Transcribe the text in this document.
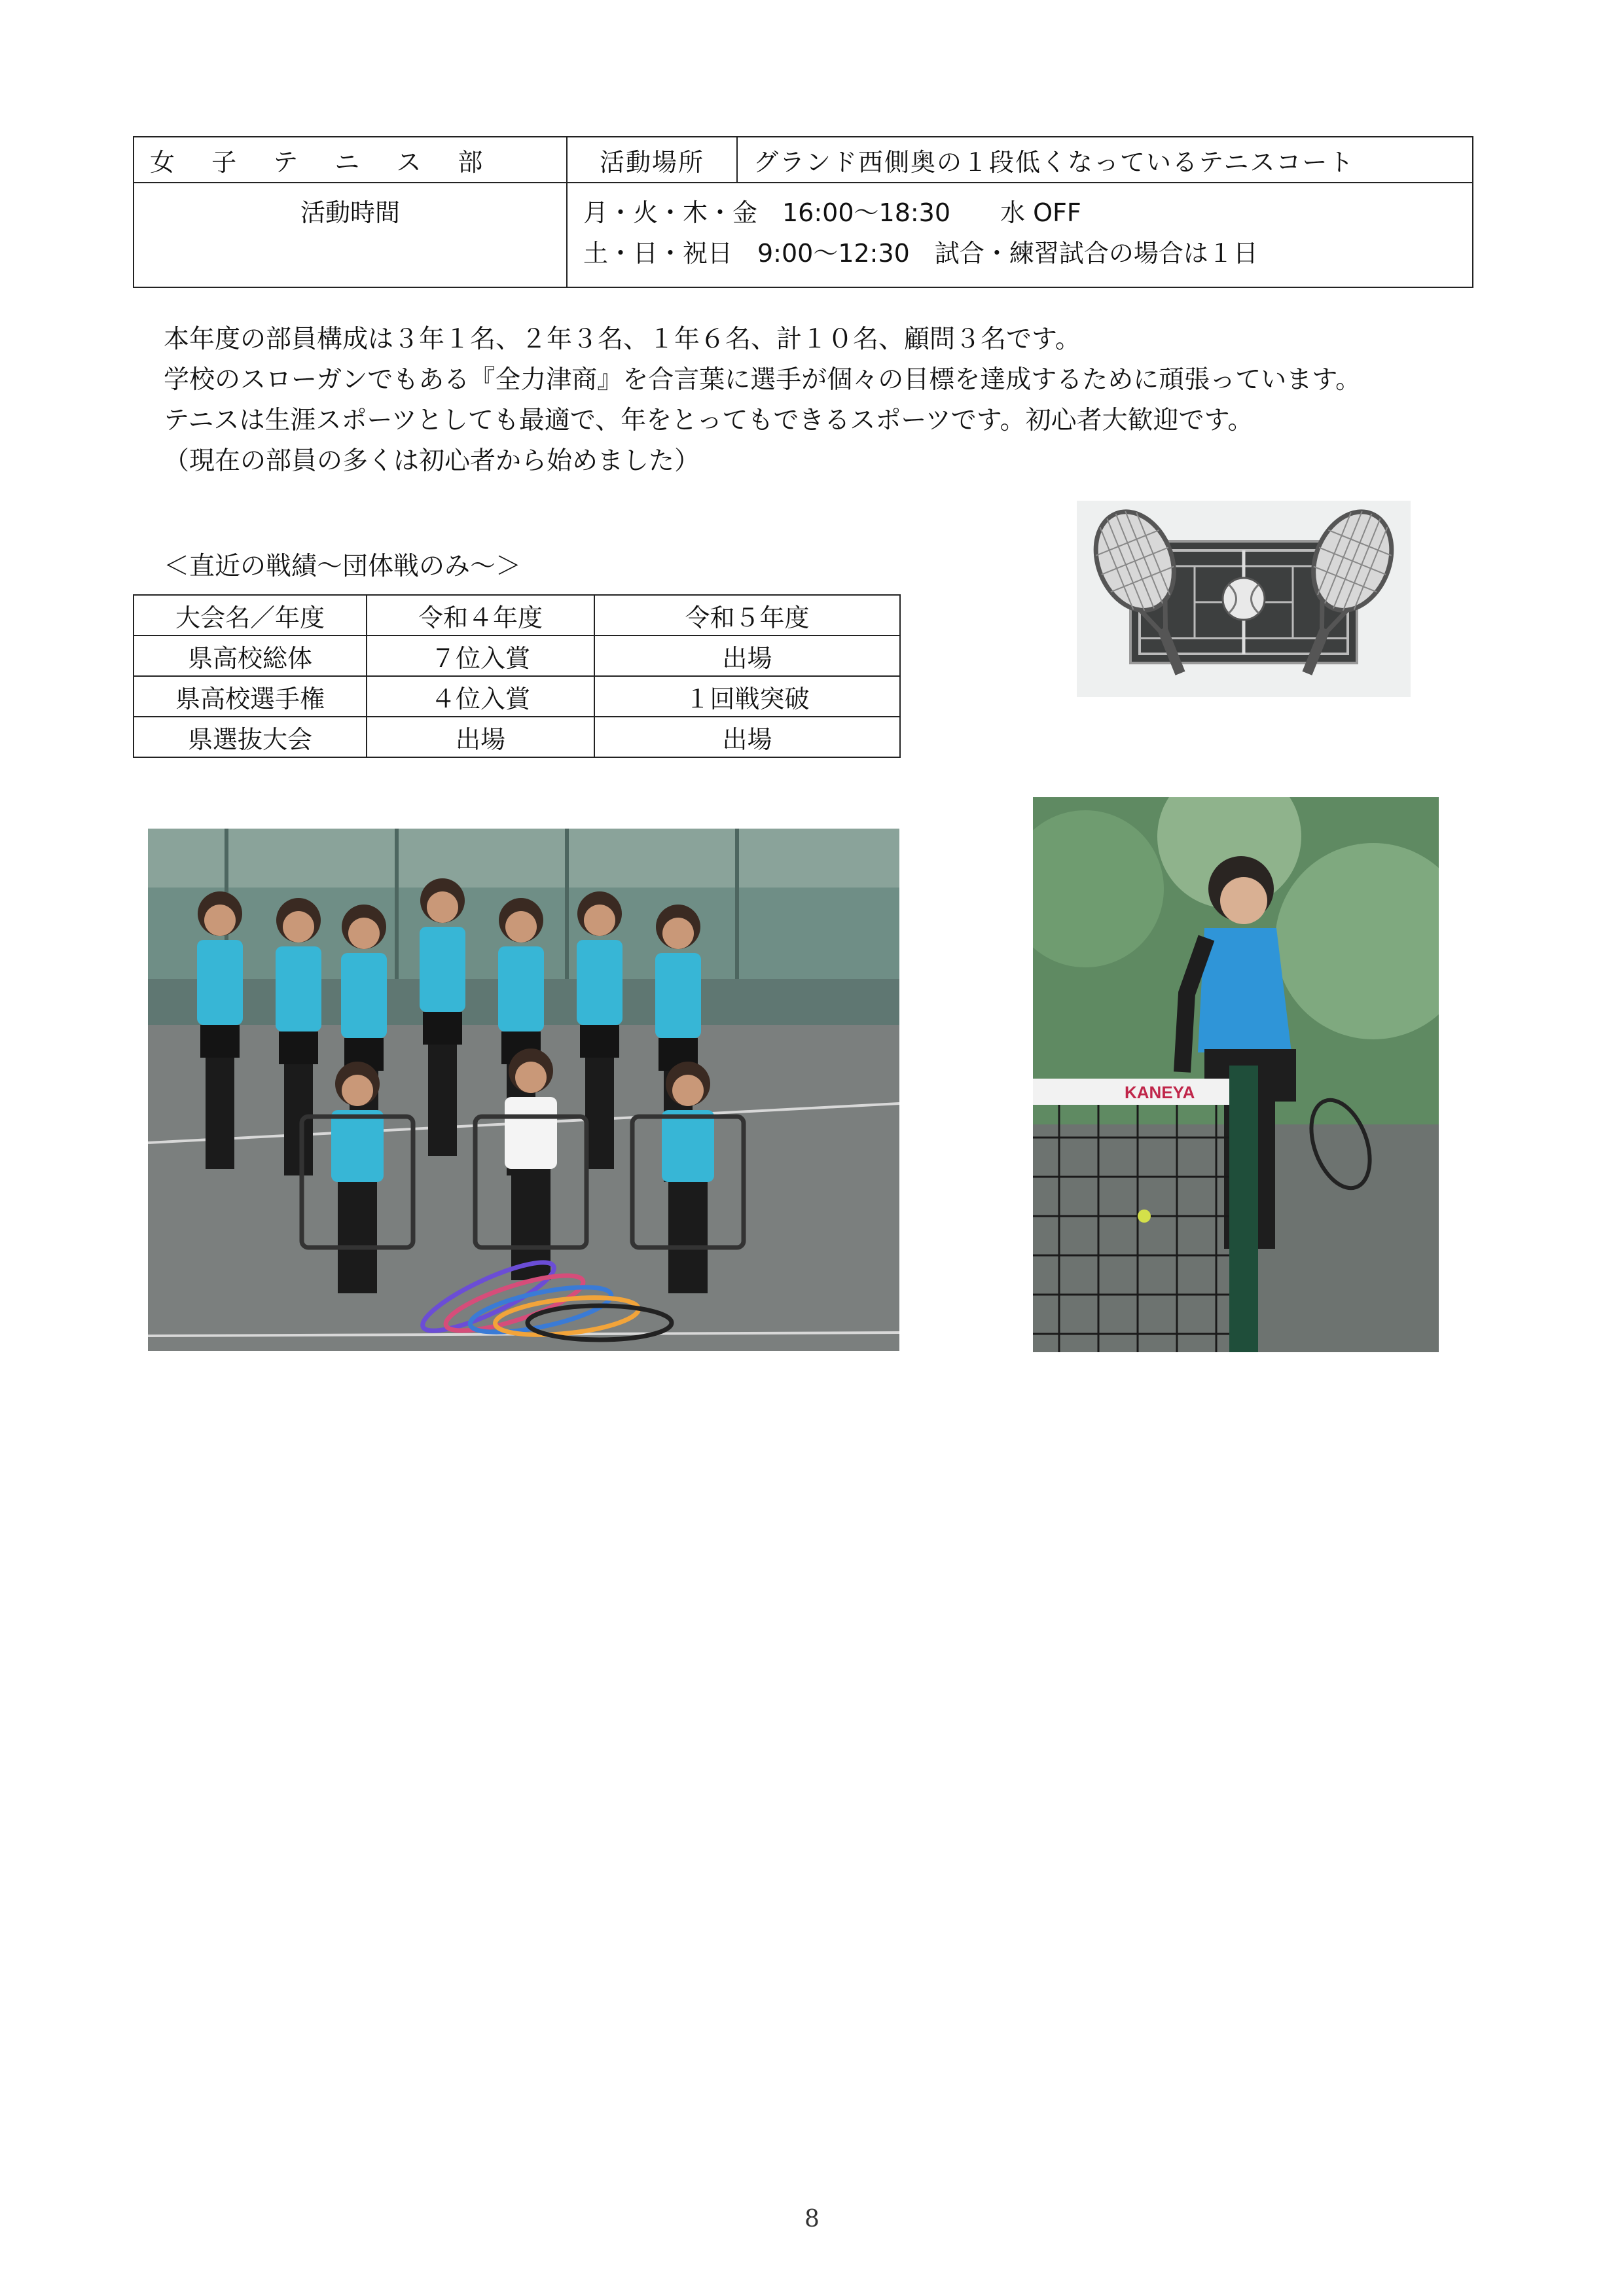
女 子 テ ニ ス 部	活動場所	グランド西側奥の１段低くなっているテニスコート
活動時間	月・火・木・金　16:00～18:30　　水 OFF
土・日・祝日　9:00～12:30　試合・練習試合の場合は１日	

本年度の部員構成は３年１名、２年３名、１年６名、計１０名、顧問３名です。

学校のスローガンでもある『全力津商』を合言葉に選手が個々の目標を達成するために頑張っています。

テニスは生涯スポーツとしても最適で、年をとってもできるスポーツです。初心者大歓迎です。

（現在の部員の多くは初心者から始めました）

＜直近の戦績～団体戦のみ～＞
大会名／年度	令和４年度	令和５年度
県高校総体	７位入賞	出場
県高校選手権	４位入賞	１回戦突破
県選抜大会	出場	出場
KANEYA
8
